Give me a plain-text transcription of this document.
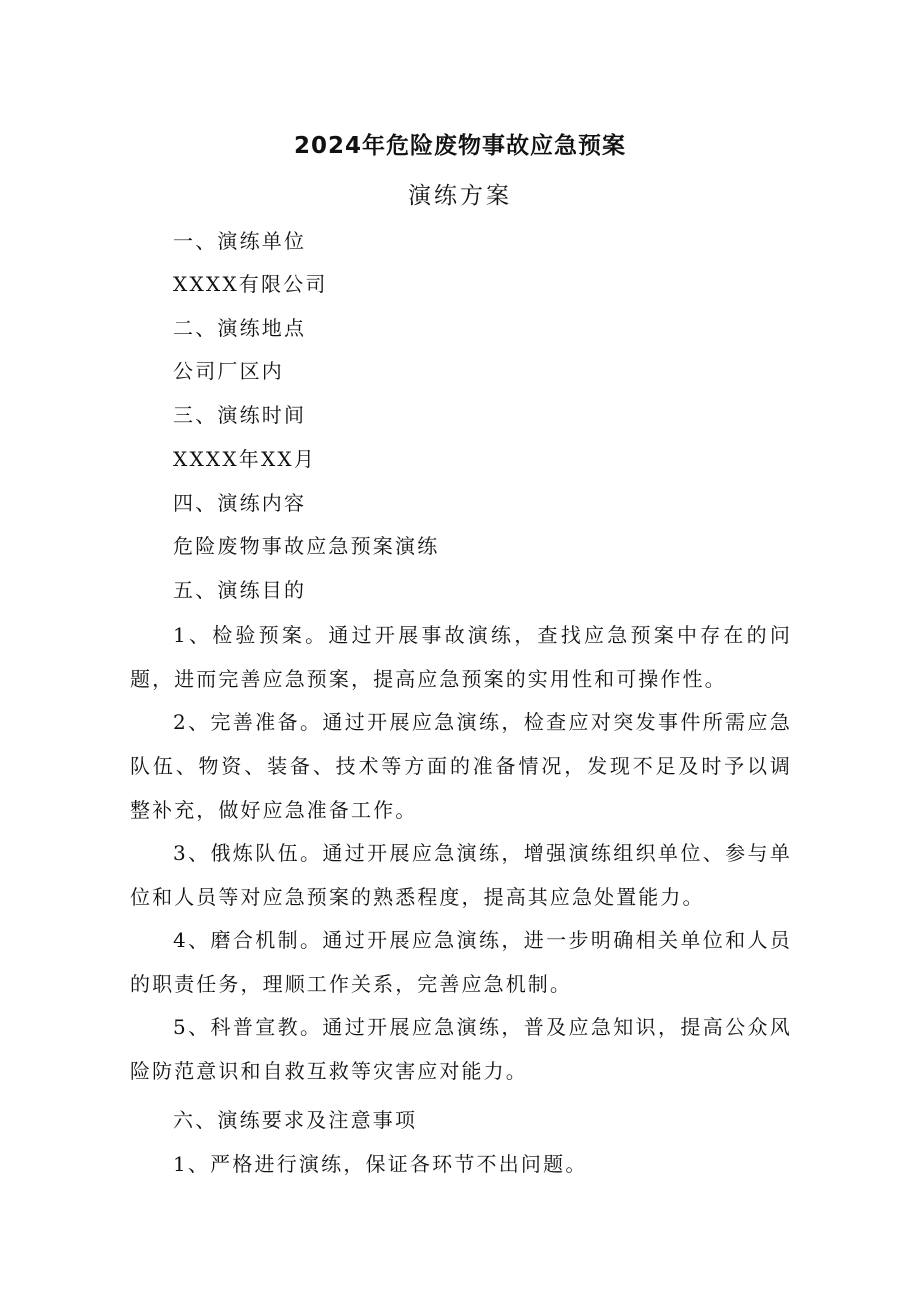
2024年危险废物事故应急预案
演练方案
一、演练单位
XXXX有限公司
二、演练地点
公司厂区内
三、演练时间
XXXX年XX月
四、演练内容
危险废物事故应急预案演练
五、演练目的
1、检验预案。通过开展事故演练，查找应急预案中存在的问题，进而完善应急预案，提高应急预案的实用性和可操作性。
2、完善准备。通过开展应急演练，检查应对突发事件所需应急队伍、物资、装备、技术等方面的准备情况，发现不足及时予以调整补充，做好应急准备工作。
3、俄炼队伍。通过开展应急演练，增强演练组织单位、参与单位和人员等对应急预案的熟悉程度，提高其应急处置能力。
4、磨合机制。通过开展应急演练，进一步明确相关单位和人员的职责任务，理顺工作关系，完善应急机制。
5、科普宣教。通过开展应急演练，普及应急知识，提高公众风险防范意识和自救互救等灾害应对能力。
六、演练要求及注意事项
1、严格进行演练，保证各环节不出问题。
